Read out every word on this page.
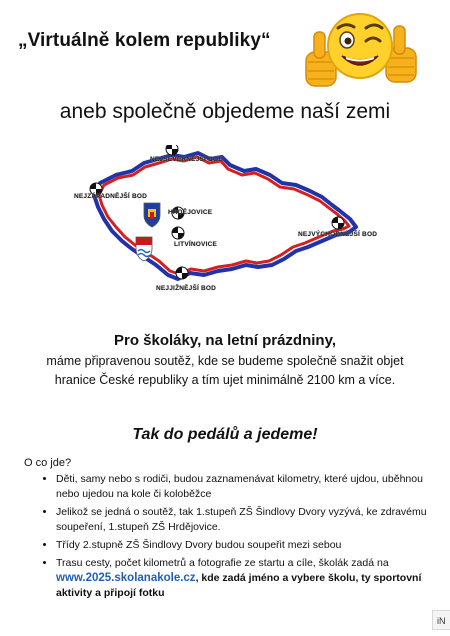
„Virtuálně kolem republiky“
aneb společně objedeme naší zemi
NEJSEVERNĚJŠÍ BOD
NEJZÁPADNĚJŠÍ BOD
NEJVÝCHODNĚJŠÍ BOD
NEJJIŽNĚJŠÍ BOD
HRDĚJOVICE
LITVÍNOVICE
Pro školáky, na letní prázdniny,
máme připravenou soutěž, kde se budeme společně snažit objet
hranice České republiky a tím ujet minimálně 2100 km a více.
Tak do pedálů a jedeme!
O co jde?
• Děti, samy nebo s rodiči, budou zaznamenávat kilometry, které ujdou, uběhnou nebo ujedou na kole či koloběžce
• Jelikož se jedná o soutěž, tak 1.stupeň ZŠ Šindlovy Dvory vyzývá, ke zdravému soupeření, 1.stupeň ZŠ Hrdějovice.
• Třídy 2.stupně ZŠ Šindlovy Dvory budou soupeřit mezi sebou
• Trasu cesty, počet kilometrů a fotografie ze startu a cíle, školák zadá na www.2025.skolanakole.cz, kde zadá jméno a vybere školu, ty sportovní aktivity a připojí fotku
iN
